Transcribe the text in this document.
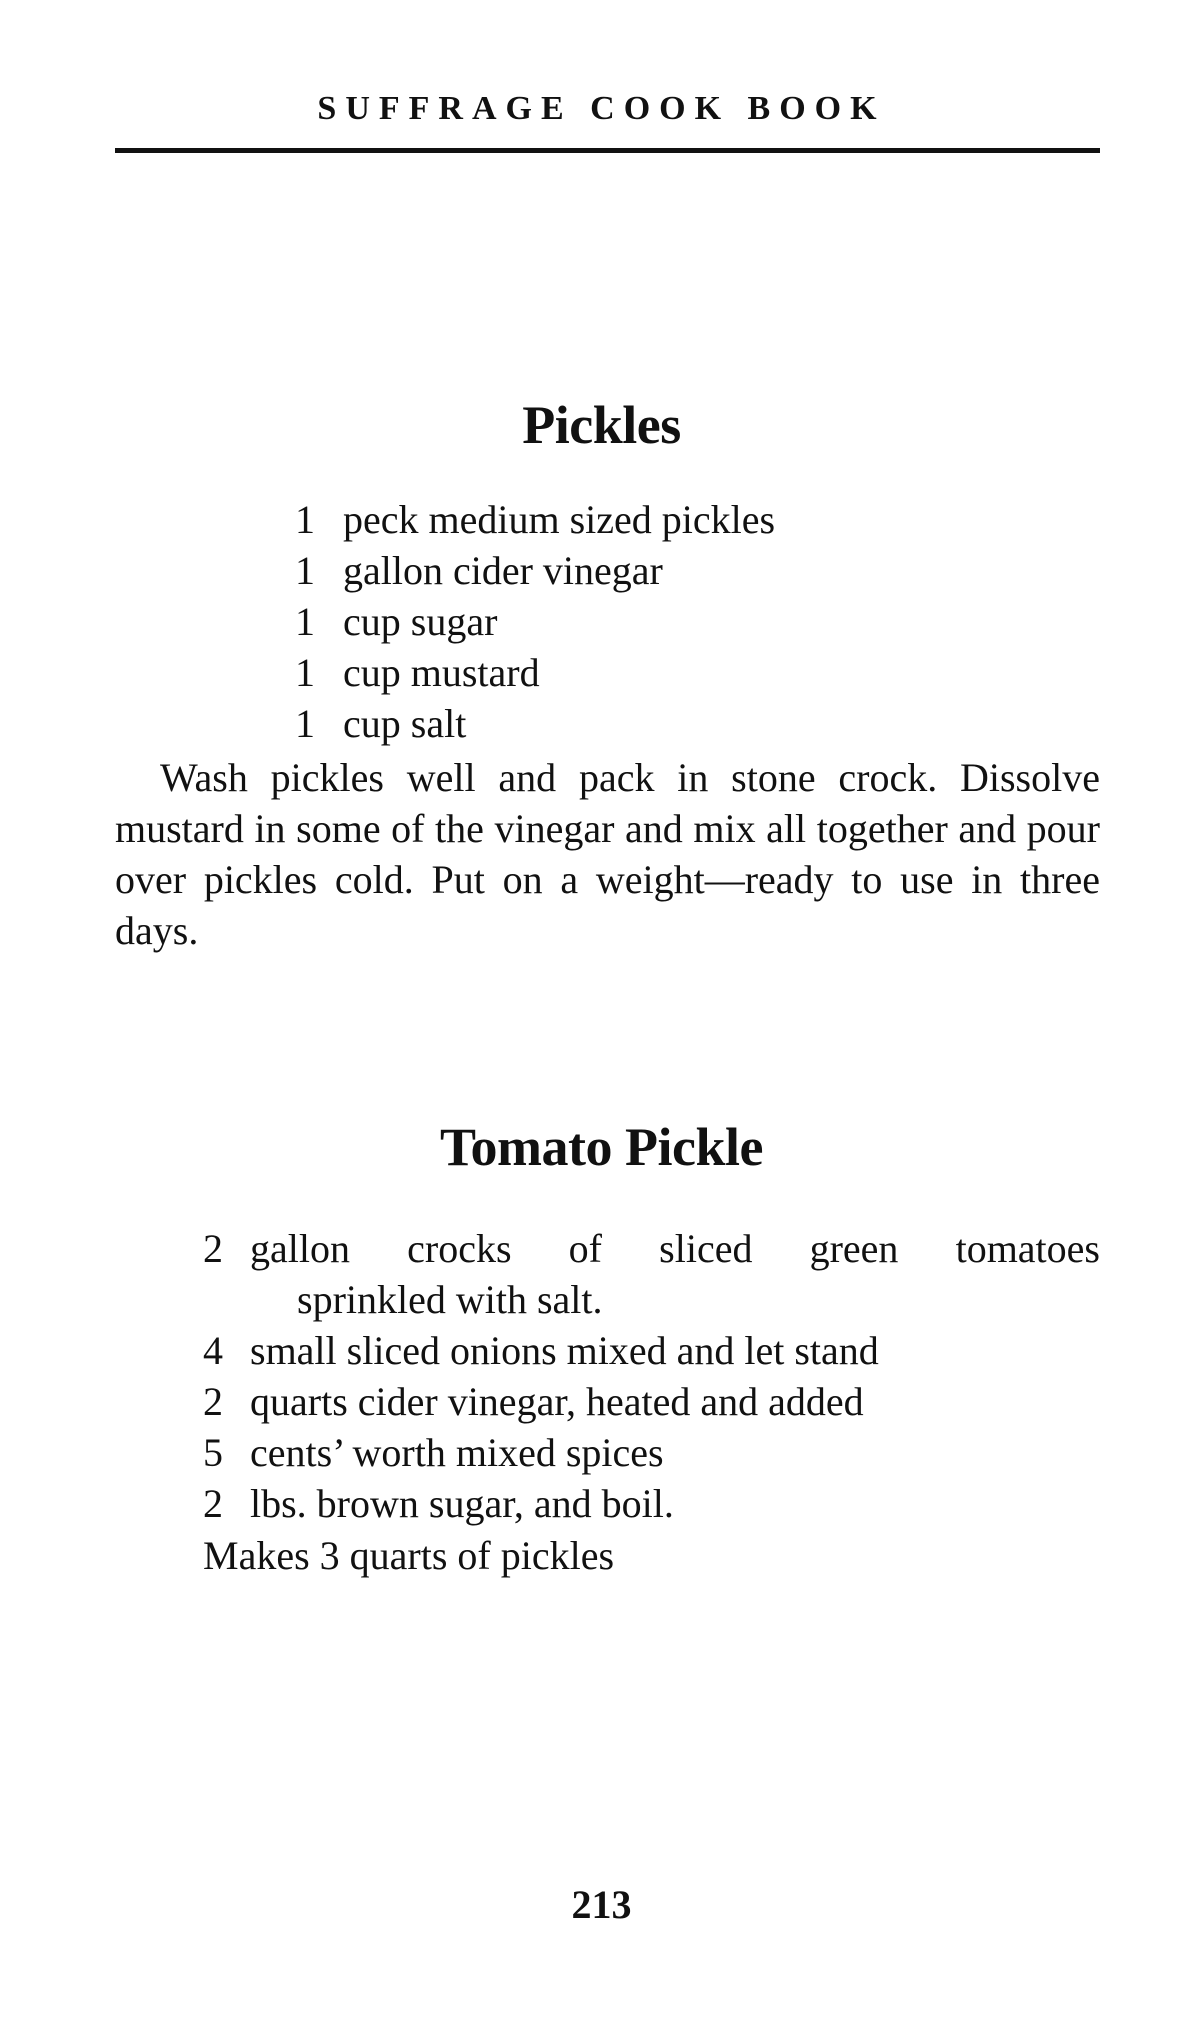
SUFFRAGE COOK BOOK
Pickles
1 peck medium sized pickles
1 gallon cider vinegar
1 cup sugar
1 cup mustard
1 cup salt

Wash pickles well and pack in stone crock. Dissolve mustard in some of the vinegar and mix all together and pour over pickles cold. Put on a weight—ready to use in three days.

Tomato Pickle
2 gallon crocks of sliced green tomatoes
sprinkled with salt.
4 small sliced onions mixed and let stand
2 quarts cider vinegar, heated and added
5 cents’ worth mixed spices
2 lbs. brown sugar, and boil.
Makes 3 quarts of pickles
213
